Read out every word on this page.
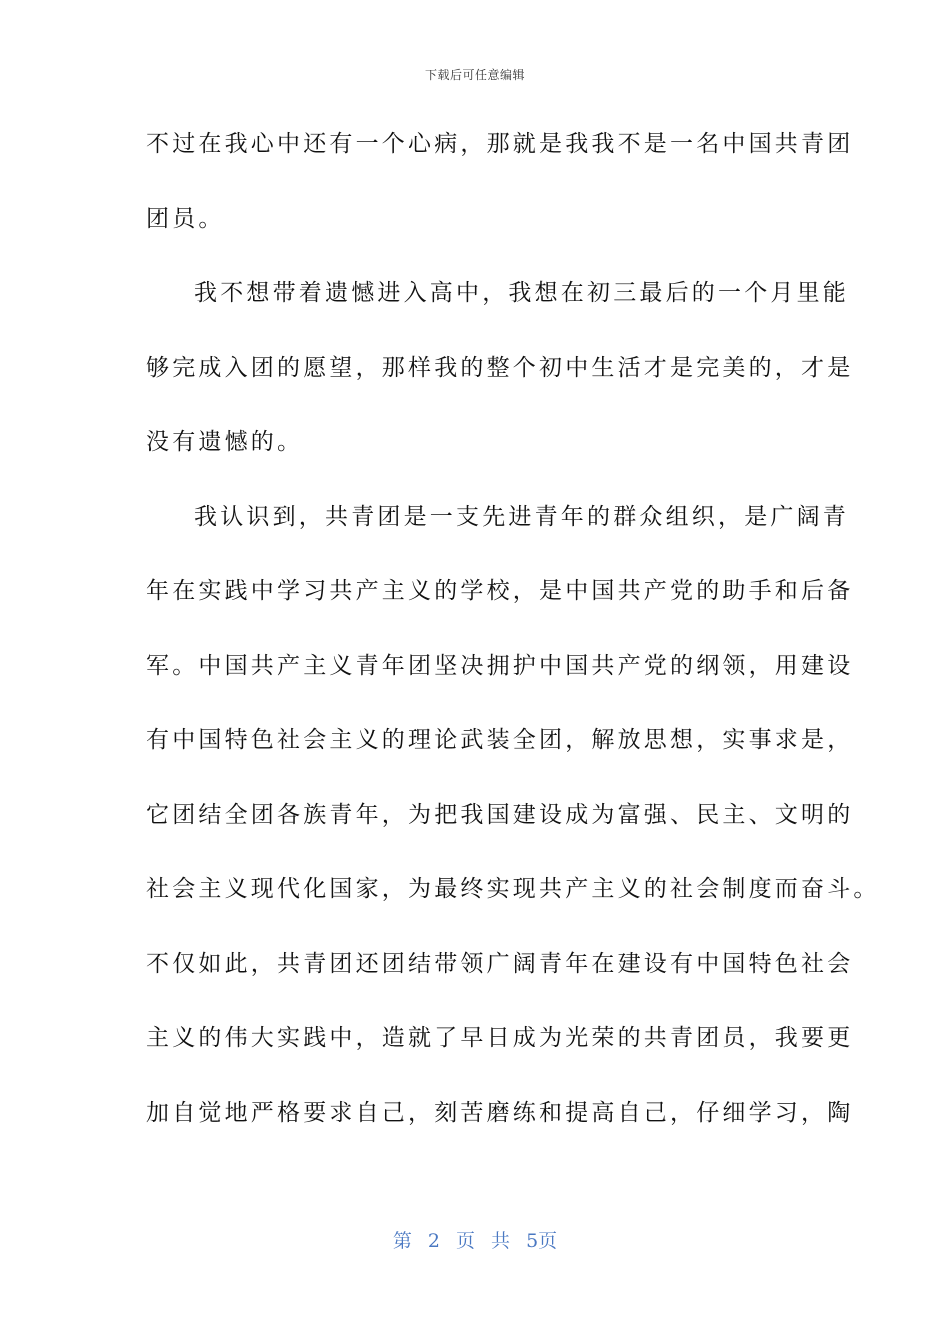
下载后可任意编辑
不过在我心中还有一个心病，那就是我我不是一名中国共青团
团员。
我不想带着遗憾进入高中，我想在初三最后的一个月里能
够完成入团的愿望，那样我的整个初中生活才是完美的，才是
没有遗憾的。
我认识到，共青团是一支先进青年的群众组织，是广阔青
年在实践中学习共产主义的学校，是中国共产党的助手和后备
军。中国共产主义青年团坚决拥护中国共产党的纲领，用建设
有中国特色社会主义的理论武装全团，解放思想，实事求是，
它团结全团各族青年，为把我国建设成为富强、民主、文明的
社会主义现代化国家，为最终实现共产主义的社会制度而奋斗。
不仅如此，共青团还团结带领广阔青年在建设有中国特色社会
主义的伟大实践中，造就了早日成为光荣的共青团员，我要更
加自觉地严格要求自己，刻苦磨练和提高自己，仔细学习，陶
第 2 页 共 5页
